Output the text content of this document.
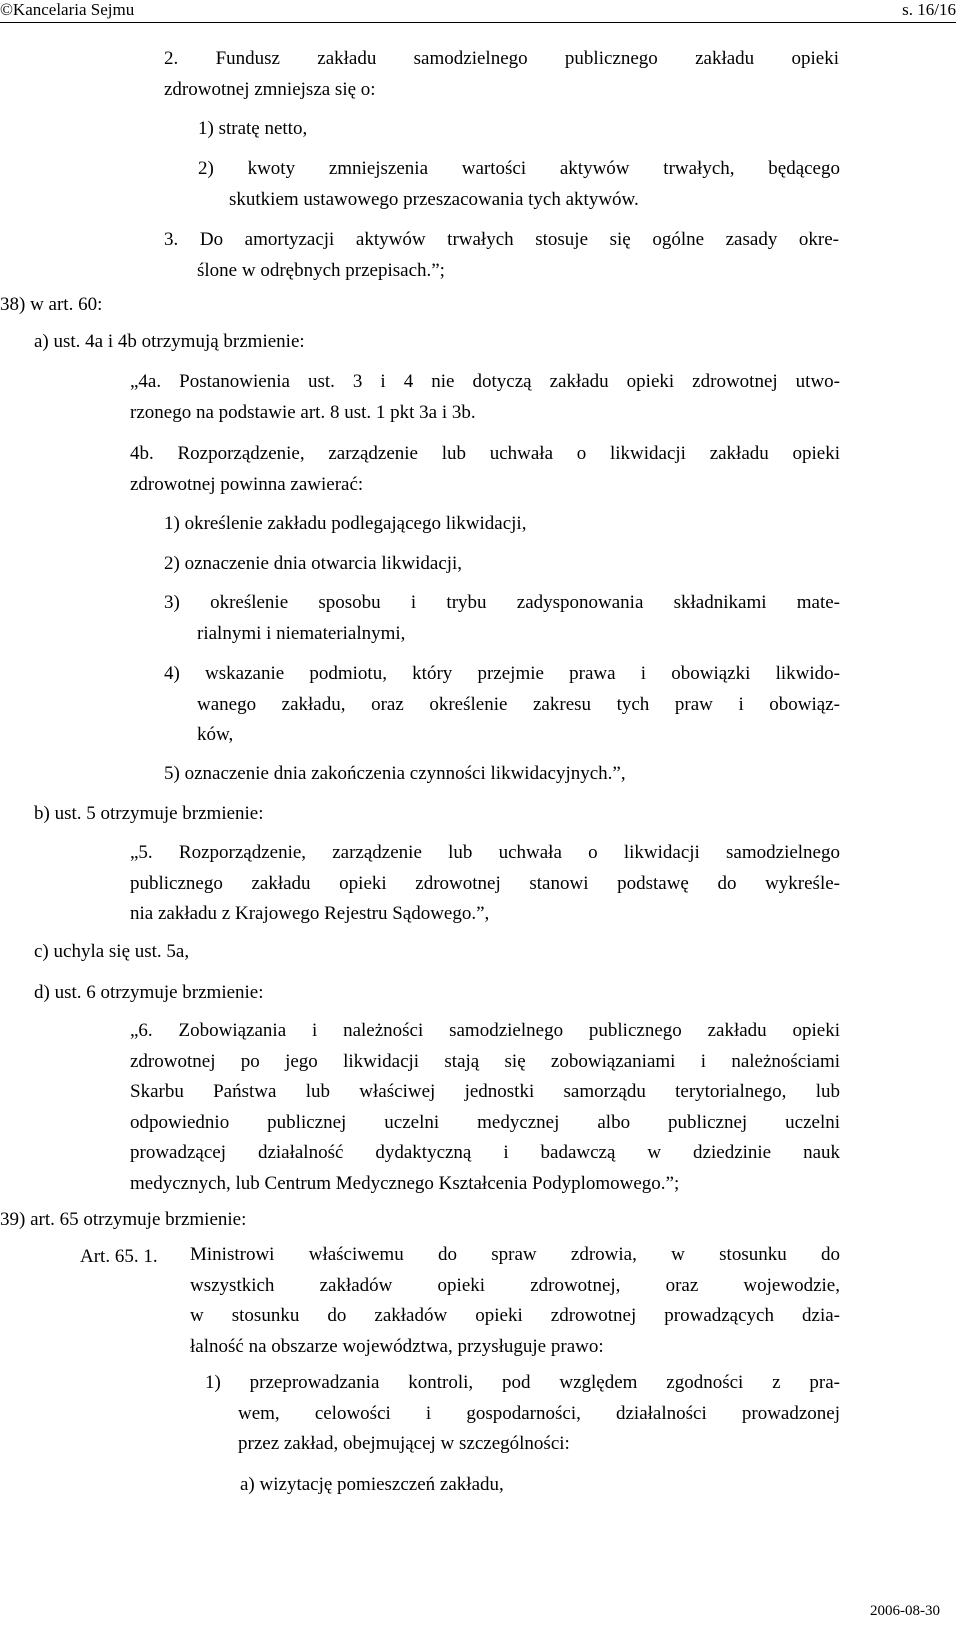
©Kancelaria Sejmu	s. 16/16
2. Fundusz zakładu samodzielnego publicznego zakładu opieki
zdrowotnej zmniejsza się o:
1) stratę netto,
2) kwoty zmniejszenia wartości aktywów trwałych, będącego
skutkiem ustawowego przeszacowania tych aktywów.
3. Do amortyzacji aktywów trwałych stosuje się ogólne zasady okre-
ślone w odrębnych przepisach.”;
38) w art. 60:
a) ust. 4a i 4b otrzymują brzmienie:
„4a. Postanowienia ust. 3 i 4 nie dotyczą zakładu opieki zdrowotnej utwo-
rzonego na podstawie art. 8 ust. 1 pkt 3a i 3b.
4b. Rozporządzenie, zarządzenie lub uchwała o likwidacji zakładu opieki
zdrowotnej powinna zawierać:
1) określenie zakładu podlegającego likwidacji,
2) oznaczenie dnia otwarcia likwidacji,
3) określenie sposobu i trybu zadysponowania składnikami mate-
rialnymi i niematerialnymi,
4) wskazanie podmiotu, który przejmie prawa i obowiązki likwido-
wanego zakładu, oraz określenie zakresu tych praw i obowiąz-
ków,
5) oznaczenie dnia zakończenia czynności likwidacyjnych.”,
b) ust. 5 otrzymuje brzmienie:
„5. Rozporządzenie, zarządzenie lub uchwała o likwidacji samodzielnego
publicznego zakładu opieki zdrowotnej stanowi podstawę do wykreśle-
nia zakładu z Krajowego Rejestru Sądowego.”,
c) uchyla się ust. 5a,
d) ust. 6 otrzymuje brzmienie:
„6. Zobowiązania i należności samodzielnego publicznego zakładu opieki
zdrowotnej po jego likwidacji stają się zobowiązaniami i należnościami
Skarbu Państwa lub właściwej jednostki samorządu terytorialnego, lub
odpowiednio publicznej uczelni medycznej albo publicznej uczelni
prowadzącej działalność dydaktyczną i badawczą w dziedzinie nauk
medycznych, lub Centrum Medycznego Kształcenia Podyplomowego.”;
39) art. 65 otrzymuje brzmienie:
Art. 65. 1. Ministrowi właściwemu do spraw zdrowia, w stosunku do
wszystkich zakładów opieki zdrowotnej, oraz wojewodzie,
w stosunku do zakładów opieki zdrowotnej prowadzących dzia-
łalność na obszarze województwa, przysługuje prawo:
1) przeprowadzania kontroli, pod względem zgodności z pra-
wem, celowości i gospodarności, działalności prowadzonej
przez zakład, obejmującej w szczególności:
a) wizytację pomieszczeń zakładu,
2006-08-30
